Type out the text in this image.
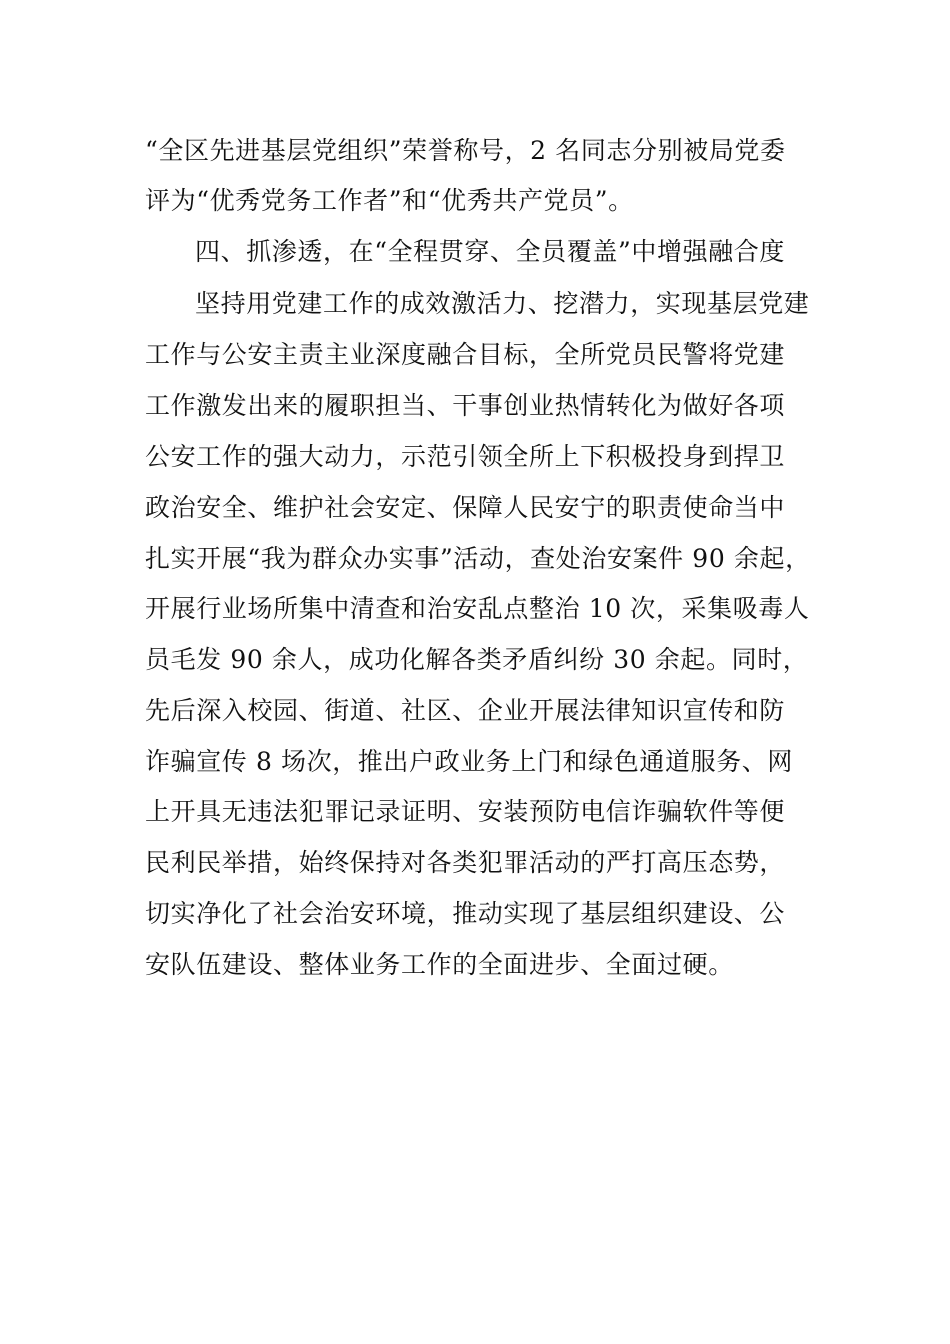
“全区先进基层党组织”荣誉称号，2 名同志分别被局党委
评为“优秀党务工作者”和“优秀共产党员”。
四、抓渗透，在“全程贯穿、全员覆盖”中增强融合度
坚持用党建工作的成效激活力、挖潜力，实现基层党建
工作与公安主责主业深度融合目标，全所党员民警将党建
工作激发出来的履职担当、干事创业热情转化为做好各项
公安工作的强大动力，示范引领全所上下积极投身到捍卫
政治安全、维护社会安定、保障人民安宁的职责使命当中
扎实开展“我为群众办实事”活动，查处治安案件 90 余起，
开展行业场所集中清查和治安乱点整治 10 次，采集吸毒人
员毛发 90 余人，成功化解各类矛盾纠纷 30 余起。同时，
先后深入校园、街道、社区、企业开展法律知识宣传和防
诈骗宣传 8 场次，推出户政业务上门和绿色通道服务、网
上开具无违法犯罪记录证明、安装预防电信诈骗软件等便
民利民举措，始终保持对各类犯罪活动的严打高压态势，
切实净化了社会治安环境，推动实现了基层组织建设、公
安队伍建设、整体业务工作的全面进步、全面过硬。
